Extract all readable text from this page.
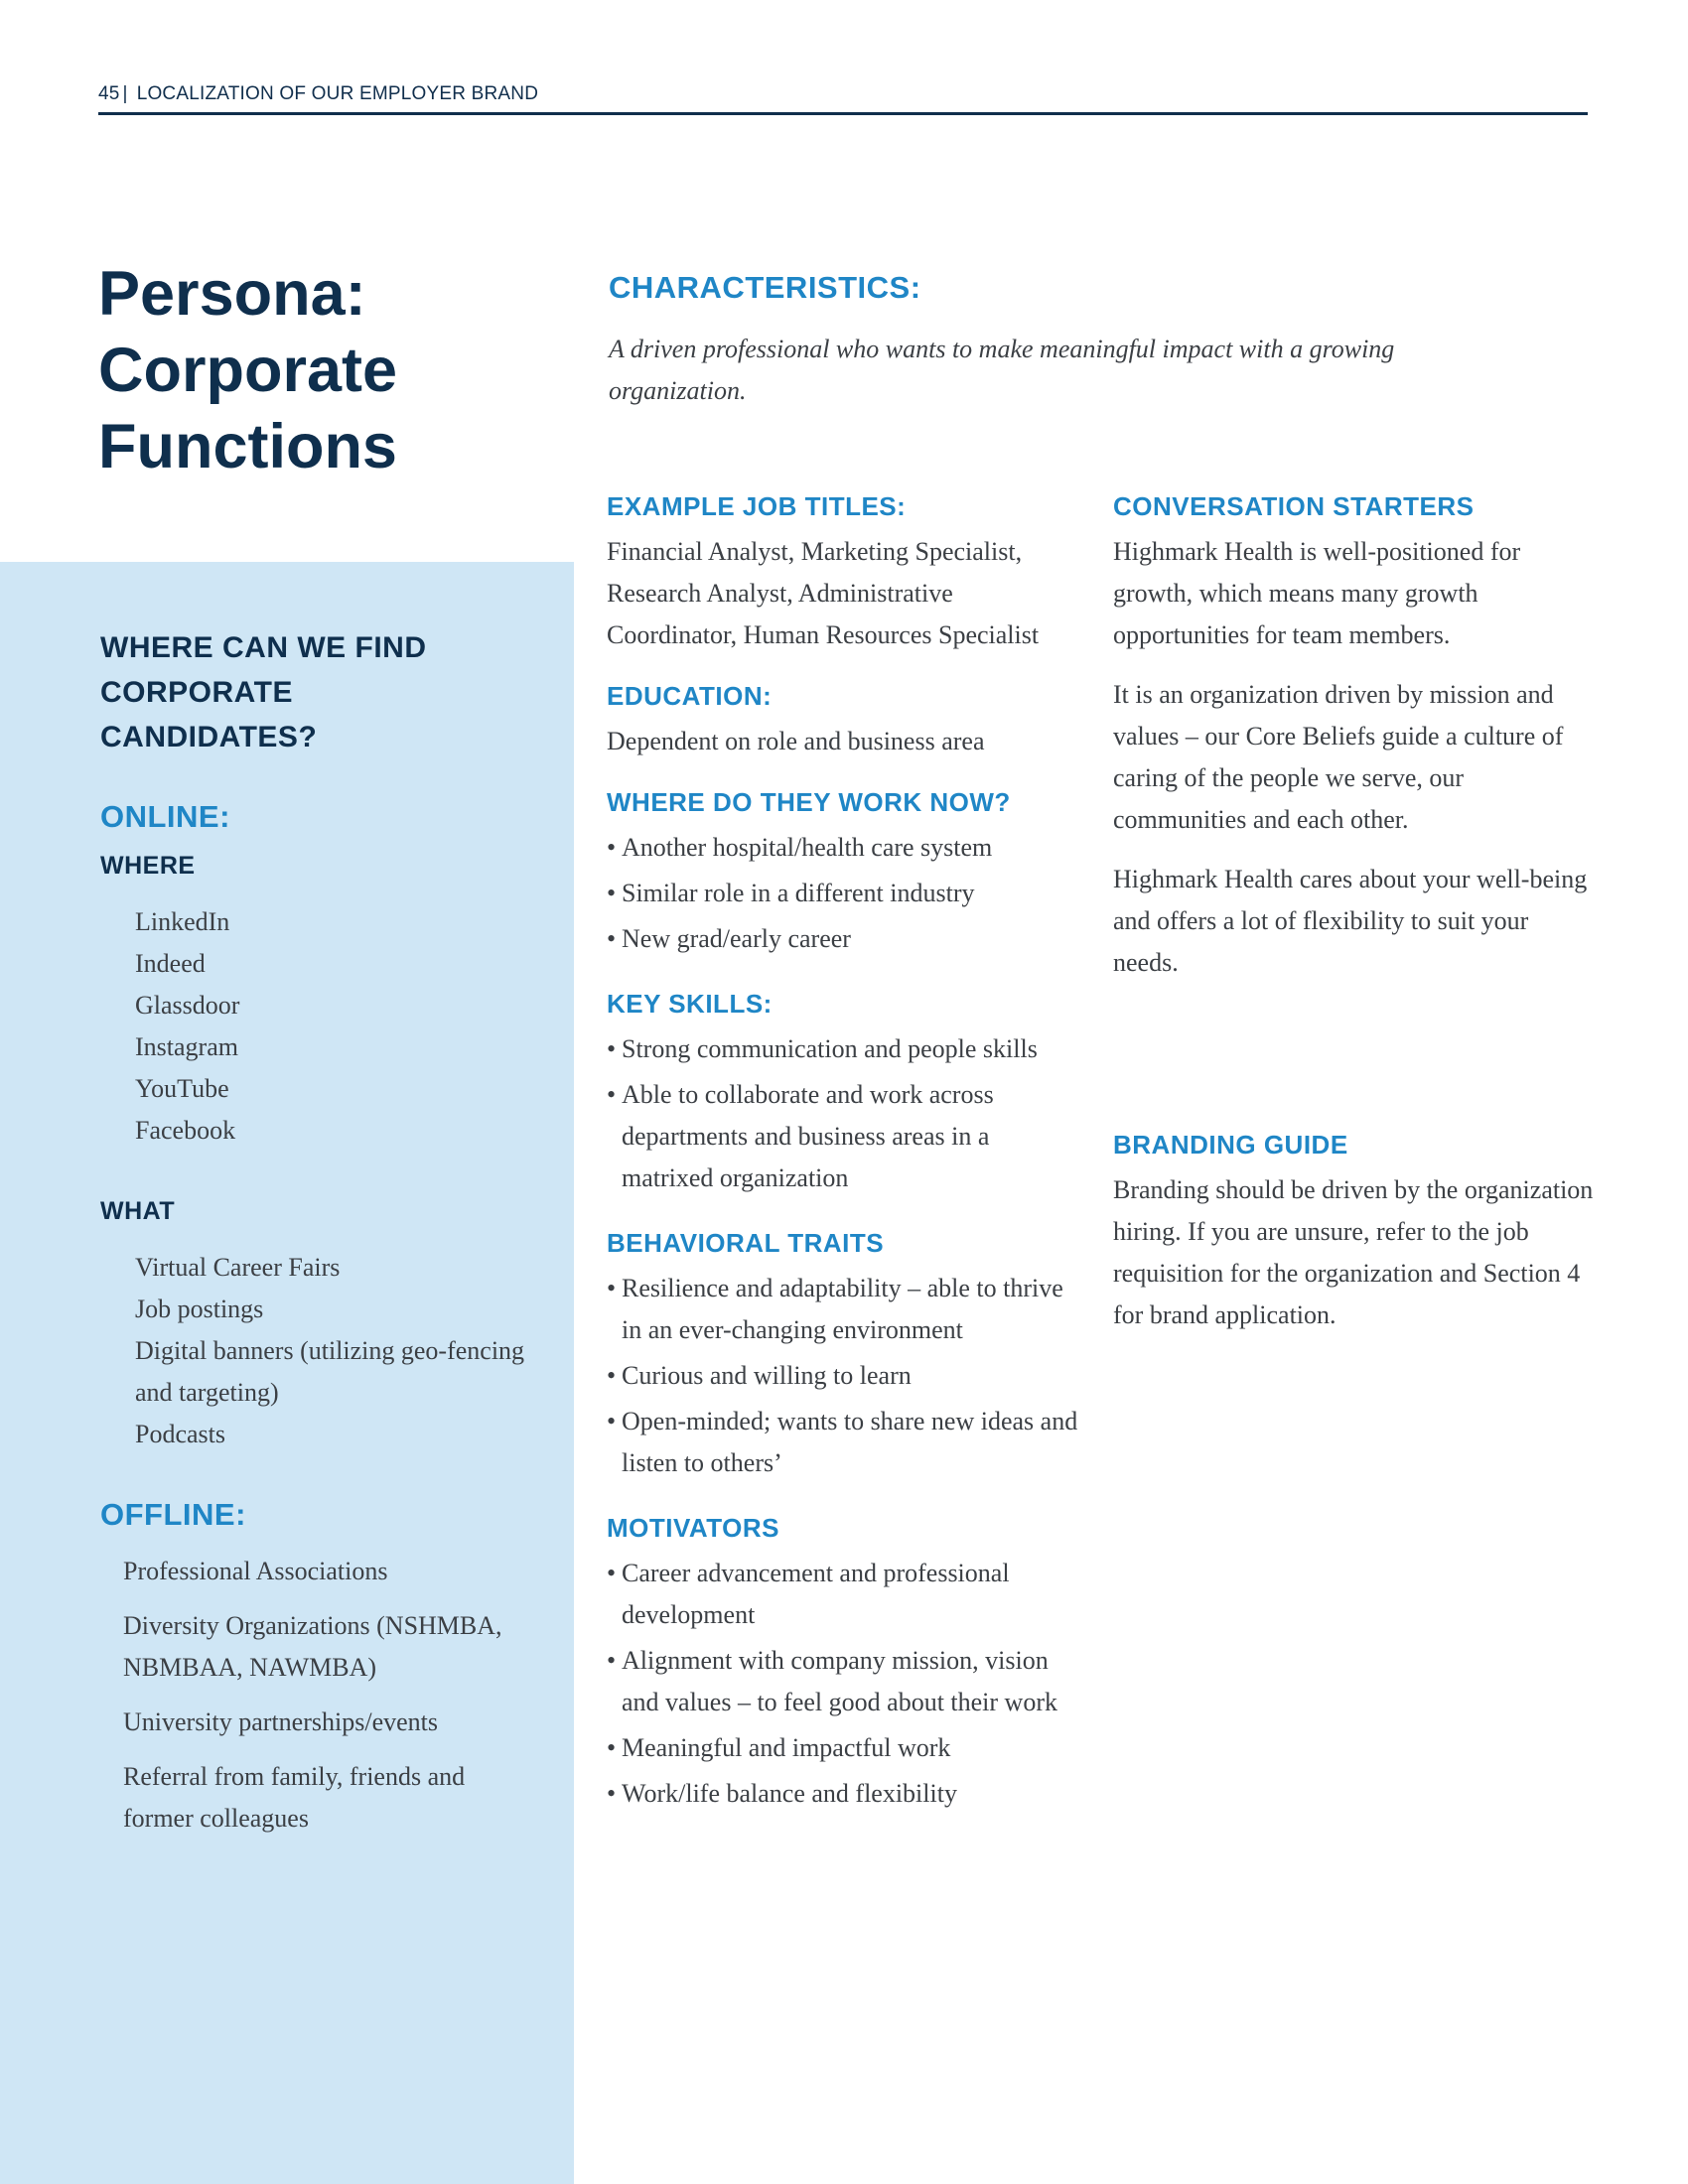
45 | LOCALIZATION OF OUR EMPLOYER BRAND
Persona:
Corporate
Functions
WHERE CAN WE FIND
CORPORATE
CANDIDATES?
ONLINE:
WHERE
LinkedIn
Indeed
Glassdoor
Instagram
YouTube
Facebook
WHAT
Virtual Career Fairs
Job postings
Digital banners (utilizing geo-fencing and targeting)
Podcasts
OFFLINE:
Professional Associations
Diversity Organizations (NSHMBA, NBMBAA, NAWMBA)
University partnerships/events
Referral from family, friends and former colleagues
CHARACTERISTICS:

A driven professional who wants to make meaningful impact with a growing organization.

EXAMPLE JOB TITLES:

Financial Analyst, Marketing Specialist, Research Analyst, Administrative Coordinator, Human Resources Specialist

EDUCATION:

Dependent on role and business area

WHERE DO THEY WORK NOW?
• Another hospital/health care system
• Similar role in a different industry
• New grad/early career
KEY SKILLS:
• Strong communication and people skills
• Able to collaborate and work across departments and business areas in a matrixed organization
BEHAVIORAL TRAITS
• Resilience and adaptability – able to thrive in an ever-changing environment
• Curious and willing to learn
• Open-minded; wants to share new ideas and listen to others’
MOTIVATORS
• Career advancement and professional development
• Alignment with company mission, vision and values – to feel good about their work
• Meaningful and impactful work
• Work/life balance and flexibility
CONVERSATION STARTERS

Highmark Health is well-positioned for growth, which means many growth opportunities for team members.

It is an organization driven by mission and values – our Core Beliefs guide a culture of caring of the people we serve, our communities and each other.

Highmark Health cares about your well-being and offers a lot of flexibility to suit your needs.

BRANDING GUIDE

Branding should be driven by the organization hiring. If you are unsure, refer to the job requisition for the organization and Section 4 for brand application.
